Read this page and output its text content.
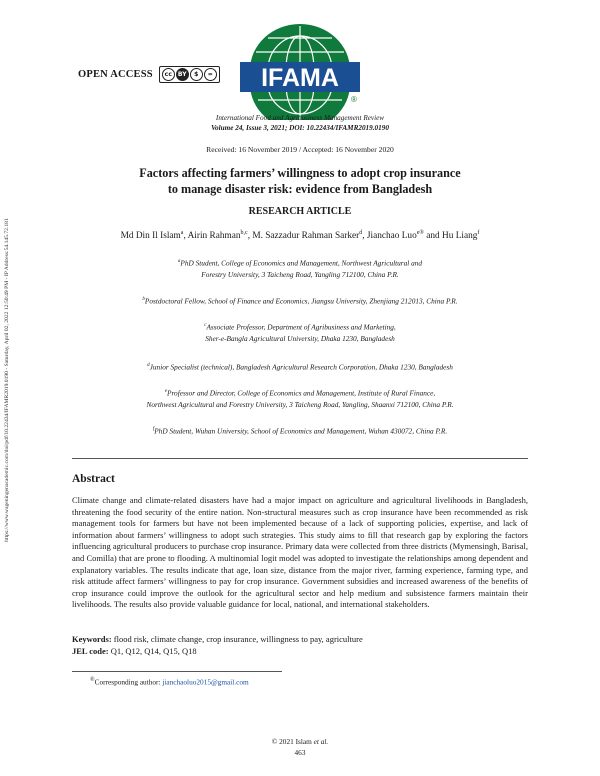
https://www.wageningenacademic.com/doi/pdf/10.22434/IFAMR2019.0190 - Saturday, April 02, 2022 12:50:49 PM - IP Address:54.145.72.181
OPEN ACCESS	cc BY	$	= IFAMA
®
International Food and Agribusiness Management Review
Volume 24, Issue 3, 2021; DOI: 10.22434/IFAMR2019.0190
Received: 16 November 2019 / Accepted: 16 November 2020
Factors affecting farmers’ willingness to adopt crop insurance
to manage disaster risk: evidence from Bangladesh
RESEARCH ARTICLE
Md Din Il Islam$^a$, Airin Rahman$^{b,c}$, M. Sazzadur Rahman Sarker$^d$, Jianchao Luo$^{e®}$ and Hu Liang$^f$
$^a$PhD Student, College of Economics and Management, Northwest Agricultural and
Forestry University, 3 Taicheng Road, Yangling 712100, China P.R.
$^b$Postdoctoral Fellow, School of Finance and Economics, Jiangsu University, Zhenjiang 212013, China P.R.
$^c$Associate Professor, Department of Agribusiness and Marketing,
Sher-e-Bangla Agricultural University, Dhaka 1230, Bangladesh
$^d$Junior Specialist (technical), Bangladesh Agricultural Research Corporation, Dhaka 1230, Bangladesh
$^e$Professor and Director, College of Economics and Management, Institute of Rural Finance,
Northwest Agricultural and Forestry University, 3 Taicheng Road, Yangling, Shaanxi 712100, China P.R.
$^f$PhD Student, Wuhan University, School of Economics and Management, Wuhan 430072, China P.R.
Abstract
Climate change and climate-related disasters have had a major impact on agriculture and agricultural livelihoods in Bangladesh, threatening the food security of the entire nation. Non-structural measures such as crop insurance have been recommended as risk management tools for farmers but have not been implemented because of a lack of supporting policies, expertise, and lack of information about farmers’ willingness to adopt such strategies. This study aims to fill that research gap by exploring the factors influencing agricultural producers to purchase crop insurance. Primary data were collected from three districts (Mymensingh, Barisal, and Comilla) that are prone to flooding. A multinomial logit model was adopted to investigate the relationships among dependent and explanatory variables. The results indicate that age, loan size, distance from the major river, farming experience, farming type, and risk attitude affect farmers’ willingness to pay for crop insurance. Government subsidies and increased awareness of the benefits of crop insurance could improve the outlook for the agricultural sector and help medium and subsistence farmers maintain their livelihoods. The results also provide valuable guidance for local, national, and international stakeholders.
Keywords: flood risk, climate change, crop insurance, willingness to pay, agriculture
JEL code: Q1, Q12, Q14, Q15, Q18
®Corresponding author: jianchaoluo2015@gmail.com
© 2021 Islam et al.
463
